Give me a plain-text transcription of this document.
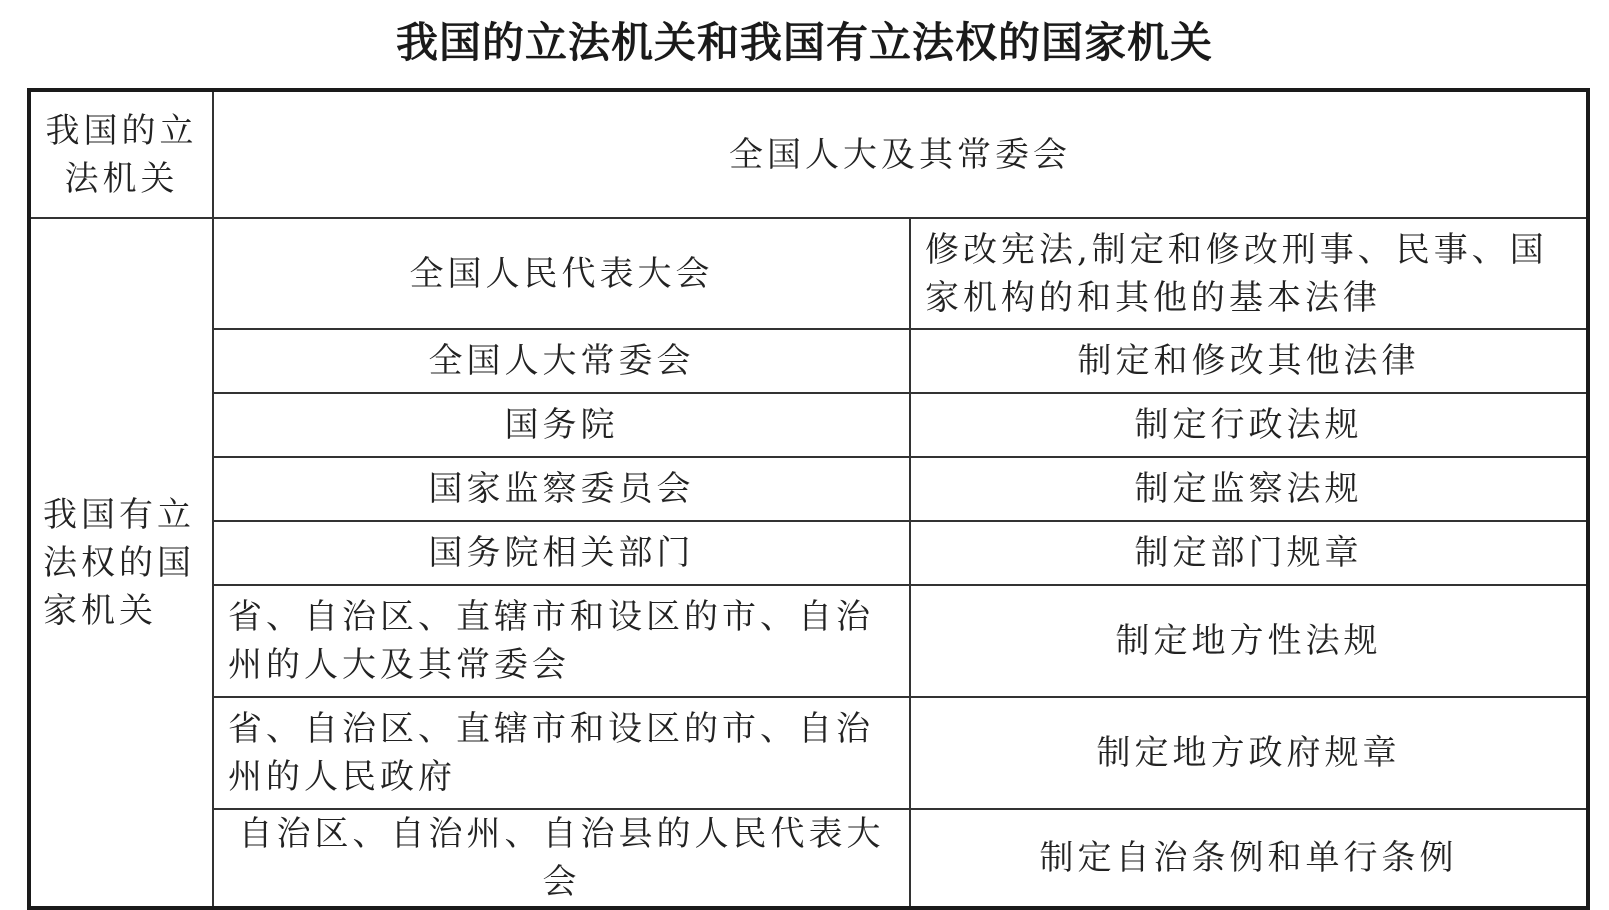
我国的立法机关和我国有立法权的国家机关
我国的立法机关	全国人大及其常委会	
我国有立法权的国家机关	全国人民代表大会	修改宪法,制定和修改刑事、民事、国家机构的和其他的基本法律
	全国人大常委会	制定和修改其他法律
	国务院	制定行政法规
	国家监察委员会	制定监察法规
	国务院相关部门	制定部门规章
	省、自治区、直辖市和设区的市、自治州的人大及其常委会	制定地方性法规
	省、自治区、直辖市和设区的市、自治州的人民政府	制定地方政府规章
	自治区、自治州、自治县的人民代表大会	制定自治条例和单行条例
